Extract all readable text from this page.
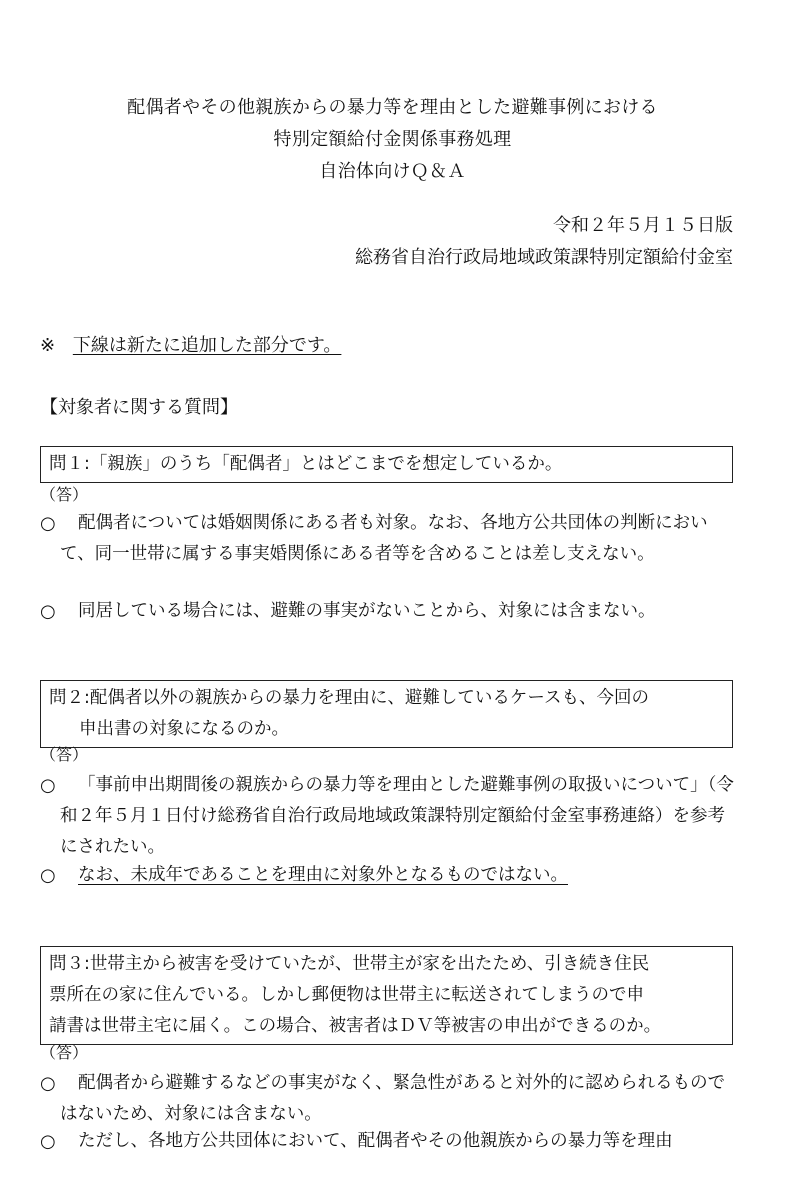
配偶者やその他親族からの暴力等を理由とした避難事例における
特別定額給付金関係事務処理
自治体向けＱ＆Ａ
令和２年５月１５日版
総務省自治行政局地域政策課特別定額給付金室
※ 下線は新たに追加した部分です。
【対象者に関する質問】
問１:「親族」のうち「配偶者」とはどこまでを想定しているか。
（答）
○	配偶者については婚姻関係にある者も対象。なお、各地方公共団体の判断において、同一世帯に属する事実婚関係にある者等を含めることは差し支えない。
○	同居している場合には、避難の事実がないことから、対象には含まない。
問２:配偶者以外の親族からの暴力を理由に、避難しているケースも、今回の
申出書の対象になるのか。
（答）
○	「事前申出期間後の親族からの暴力等を理由とした避難事例の取扱いについて」（令和２年５月１日付け総務省自治行政局地域政策課特別定額給付金室事務連絡）を参考にされたい。
○	なお、未成年であることを理由に対象外となるものではない。
問３:世帯主から被害を受けていたが、世帯主が家を出たため、引き続き住民
票所在の家に住んでいる。しかし郵便物は世帯主に転送されてしまうので申
請書は世帯主宅に届く。この場合、被害者はＤＶ等被害の申出ができるのか。
（答）
○	配偶者から避難するなどの事実がなく、緊急性があると対外的に認められるものではないため、対象には含まない。
○	ただし、各地方公共団体において、配偶者やその他親族からの暴力等を理由
